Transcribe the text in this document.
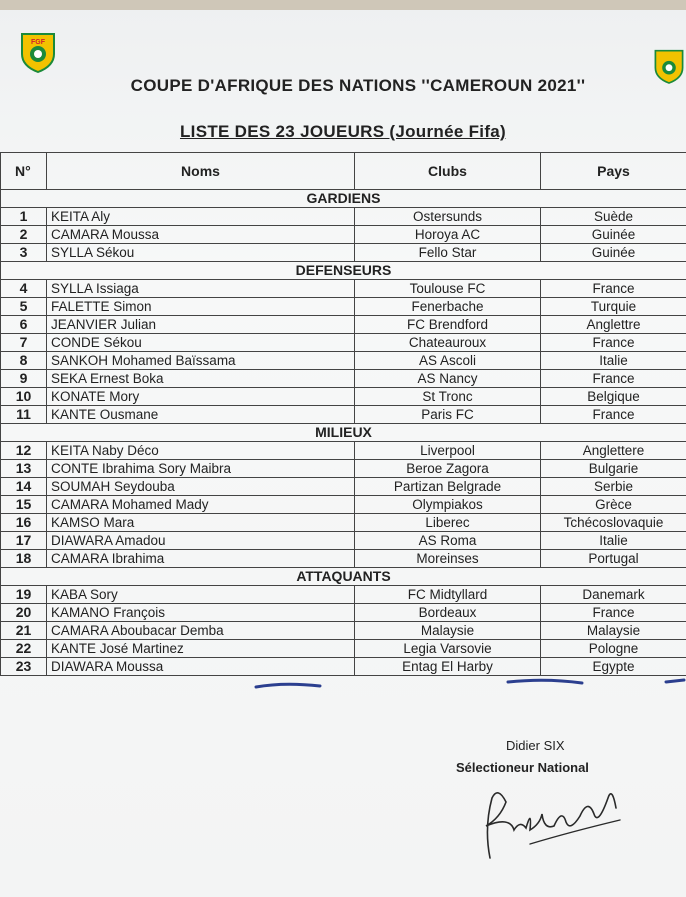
FGF
COUPE D'AFRIQUE DES NATIONS ''CAMEROUN 2021''
LISTE DES 23 JOUEURS (Journée Fifa)
N°	Noms	Clubs	Pays
GARDIENS			
1	KEITA Aly	Ostersunds	Suède
2	CAMARA Moussa	Horoya AC	Guinée
3	SYLLA Sékou	Fello Star	Guinée
DEFENSEURS			
4	SYLLA Issiaga	Toulouse FC	France
5	FALETTE Simon	Fenerbache	Turquie
6	JEANVIER Julian	FC Brendford	Anglettre
7	CONDE Sékou	Chateauroux	France
8	SANKOH Mohamed Baïssama	AS Ascoli	Italie
9	SEKA Ernest Boka	AS Nancy	France
10	KONATE Mory	St Tronc	Belgique
11	KANTE Ousmane	Paris FC	France
MILIEUX			
12	KEITA Naby Déco	Liverpool	Anglettere
13	CONTE Ibrahima Sory Maibra	Beroe Zagora	Bulgarie
14	SOUMAH Seydouba	Partizan Belgrade	Serbie
15	CAMARA Mohamed Mady	Olympiakos	Grèce
16	KAMSO Mara	Liberec	Tchécoslovaquie
17	DIAWARA Amadou	AS Roma	Italie
18	CAMARA Ibrahima	Moreinses	Portugal
ATTAQUANTS			
19	KABA Sory	FC Midtyllard	Danemark
20	KAMANO François	Bordeaux	France
21	CAMARA Aboubacar Demba	Malaysie	Malaysie
22	KANTE José Martinez	Legia Varsovie	Pologne
23	DIAWARA Moussa	Entag El Harby	Egypte
Didier SIX
Sélectioneur National
